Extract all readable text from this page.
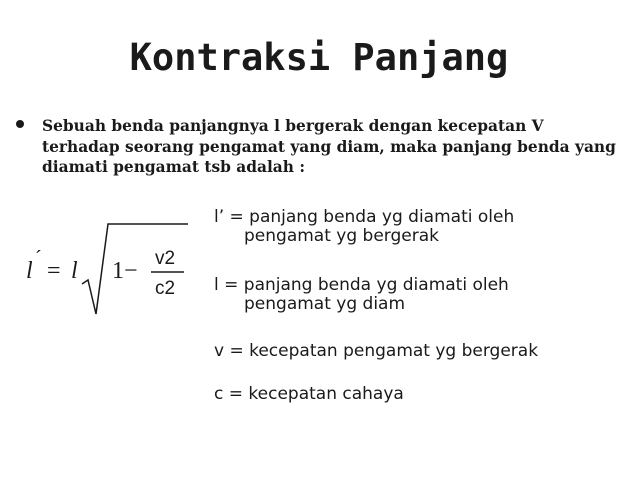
Kontraksi Panjang
Sebuah benda panjangnya l bergerak dengan kecepatan V terhadap seorang pengamat yang diam, maka panjang benda yang diamati pengamat tsb adalah :
l ´ = l 1− v2
c2
l’ = panjang benda yg diamati oleh
pengamat yg bergerak
l = panjang benda yg diamati oleh
pengamat yg diam
v = kecepatan pengamat yg bergerak
c = kecepatan cahaya
